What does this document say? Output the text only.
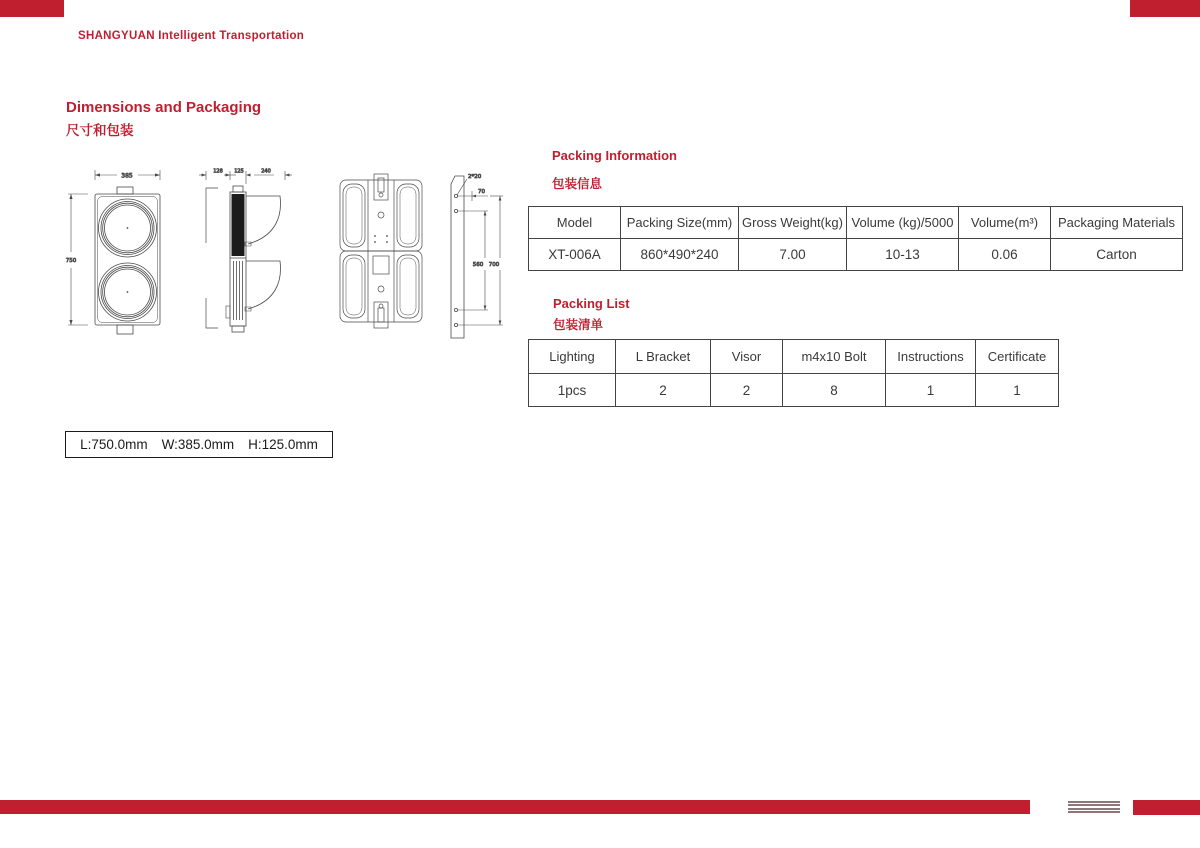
SHANGYUAN Intelligent Transportation
Dimensions and Packaging
尺寸和包装
385
750
128 125	240
2*20
70
560 700
Packing Information
包装信息
Model	Packing Size(mm)	Gross Weight(kg)	Volume (kg)/5000	Volume(m³)	Packaging Materials
XT-006A	860*490*240	7.00	10-13	0.06	Carton
Packing List
包装清单
Lighting	L Bracket	Visor	m4x10 Bolt	Instructions	Certificate
1pcs	2	2	8	1	1
L:750.0mm W:385.0mm H:125.0mm
